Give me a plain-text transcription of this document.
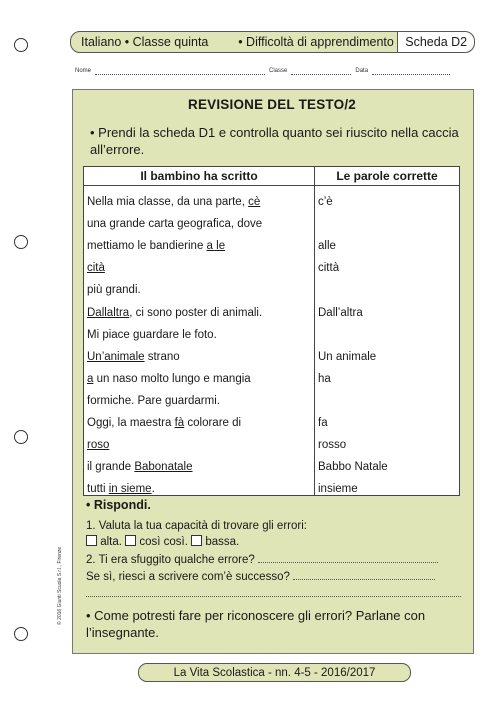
Italiano • Classe quinta	• Difficoltà di apprendimento Scheda D2
Nome	Classe	Data
REVISIONE DEL TESTO/2
• Prendi la scheda D1 e controlla quanto sei riuscito nella caccia all’errore.
Il bambino ha scritto	Le parole corrette
Nella mia classe, da una parte, cè	c’è
una grande carta geografica, dove	
mettiamo le bandierine a le	alle
cità	città
più grandi.	
Dallaltra, ci sono poster di animali.	Dall’altra
Mi piace guardare le foto.	
Un’animale strano	Un animale
a un naso molto lungo e mangia	ha
formiche. Pare guardarmi.	
Oggi, la maestra fà colorare di	fa
roso	rosso
il grande Babonatale	Babbo Natale
tutti in sieme.	insieme
• Rispondi.
1. Valuta la tua capacità di trovare gli errori:
alta. così così. bassa.
2. Ti era sfuggito qualche errore?
Se sì, riesci a scrivere com’è successo?
• Come potresti fare per riconoscere gli errori? Parlane con l’insegnante.
© 2016 Giunti Scuola S.r.l., Firenze
La Vita Scolastica - nn. 4-5 - 2016/2017
